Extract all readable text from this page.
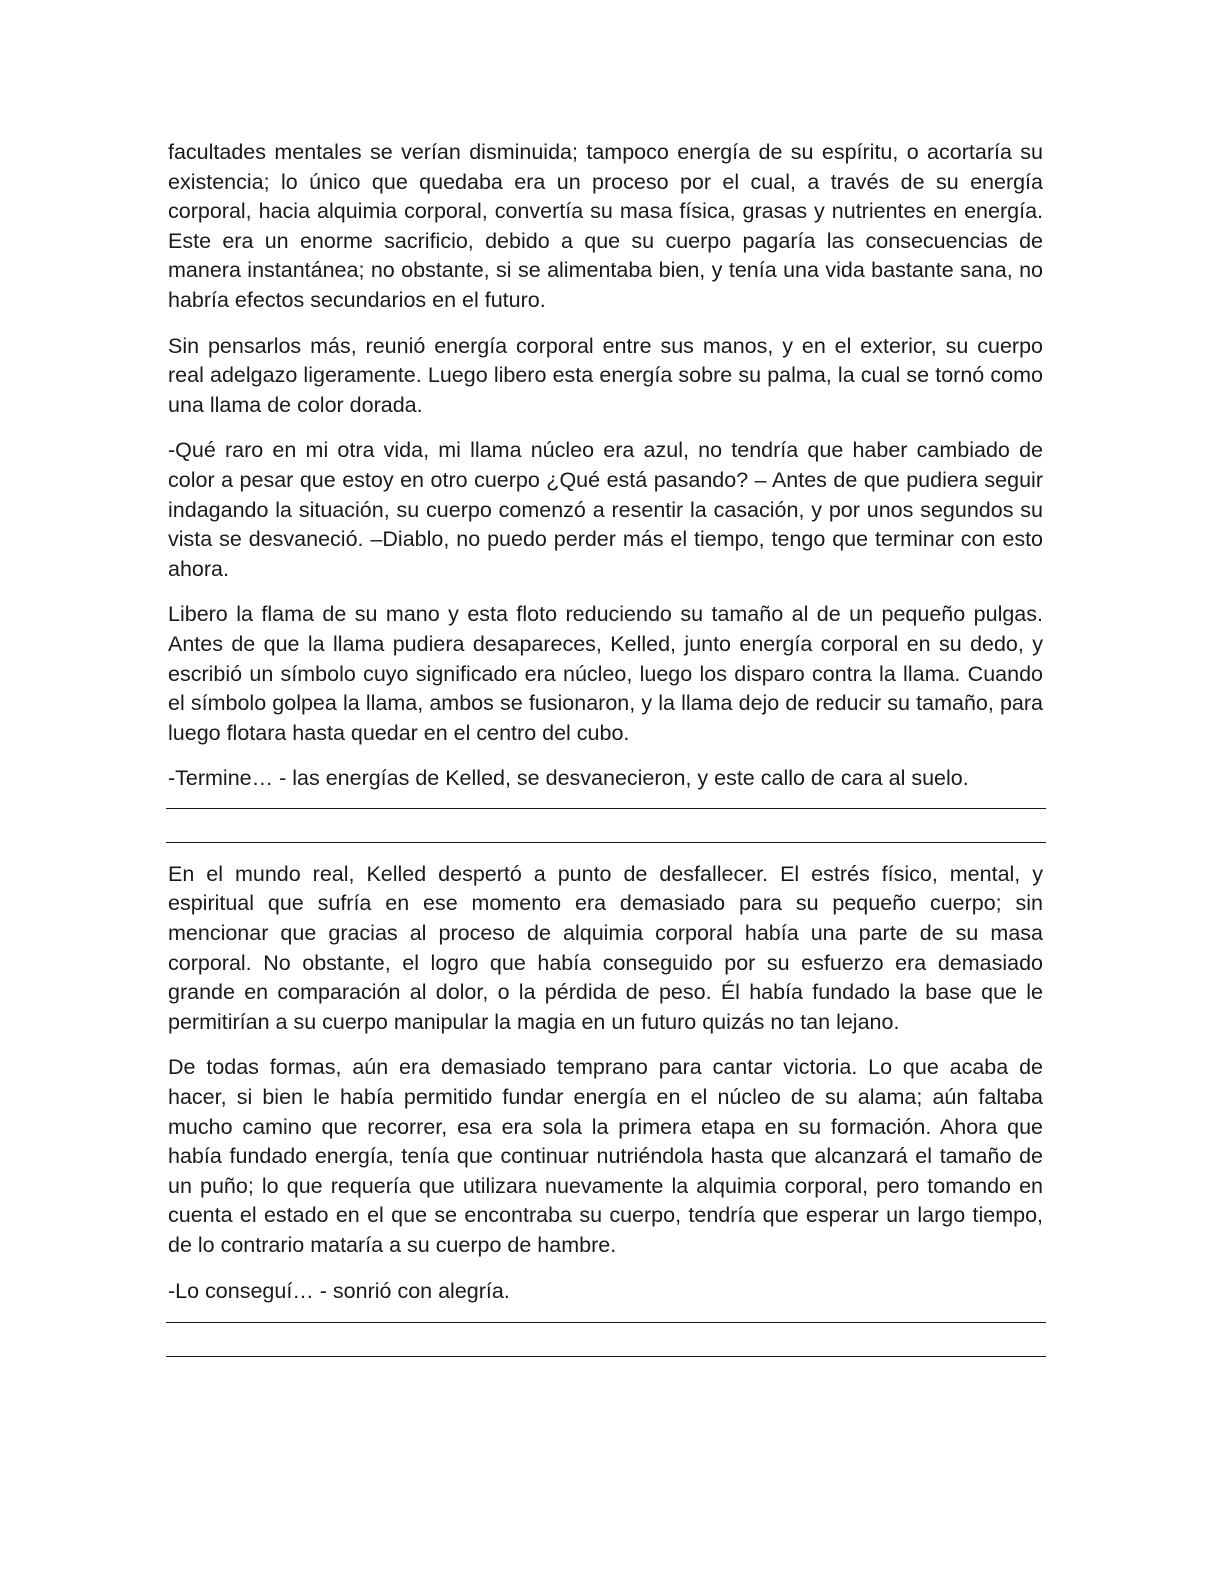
facultades mentales se verían disminuida; tampoco energía de su espíritu, o acortaría su existencia; lo único que quedaba era un proceso por el cual, a través de su energía corporal, hacia alquimia corporal, convertía su masa física, grasas y nutrientes en energía. Este era un enorme sacrificio, debido a que su cuerpo pagaría las consecuencias de manera instantánea; no obstante, si se alimentaba bien, y tenía una vida bastante sana, no habría efectos secundarios en el futuro.

Sin pensarlos más, reunió energía corporal entre sus manos, y en el exterior, su cuerpo real adelgazo ligeramente. Luego libero esta energía sobre su palma, la cual se tornó como una llama de color dorada.

-Qué raro en mi otra vida, mi llama núcleo era azul, no tendría que haber cambiado de color a pesar que estoy en otro cuerpo ¿Qué está pasando? – Antes de que pudiera seguir indagando la situación, su cuerpo comenzó a resentir la casación, y por unos segundos su vista se desvaneció. –Diablo, no puedo perder más el tiempo, tengo que terminar con esto ahora.

Libero la flama de su mano y esta floto reduciendo su tamaño al de un pequeño pulgas. Antes de que la llama pudiera desapareces, Kelled, junto energía corporal en su dedo, y escribió un símbolo cuyo significado era núcleo, luego los disparo contra la llama. Cuando el símbolo golpea la llama, ambos se fusionaron, y la llama dejo de reducir su tamaño, para luego flotara hasta quedar en el centro del cubo.

-Termine… - las energías de Kelled, se desvanecieron, y este callo de cara al suelo.

En el mundo real, Kelled despertó a punto de desfallecer. El estrés físico, mental, y espiritual que sufría en ese momento era demasiado para su pequeño cuerpo; sin mencionar que gracias al proceso de alquimia corporal había una parte de su masa corporal. No obstante, el logro que había conseguido por su esfuerzo era demasiado grande en comparación al dolor, o la pérdida de peso. Él había fundado la base que le permitirían a su cuerpo manipular la magia en un futuro quizás no tan lejano.

De todas formas, aún era demasiado temprano para cantar victoria. Lo que acaba de hacer, si bien le había permitido fundar energía en el núcleo de su alama; aún faltaba mucho camino que recorrer, esa era sola la primera etapa en su formación. Ahora que había fundado energía, tenía que continuar nutriéndola hasta que alcanzará el tamaño de un puño; lo que requería que utilizara nuevamente la alquimia corporal, pero tomando en cuenta el estado en el que se encontraba su cuerpo, tendría que esperar un largo tiempo, de lo contrario mataría a su cuerpo de hambre.

-Lo conseguí… - sonrió con alegría.
